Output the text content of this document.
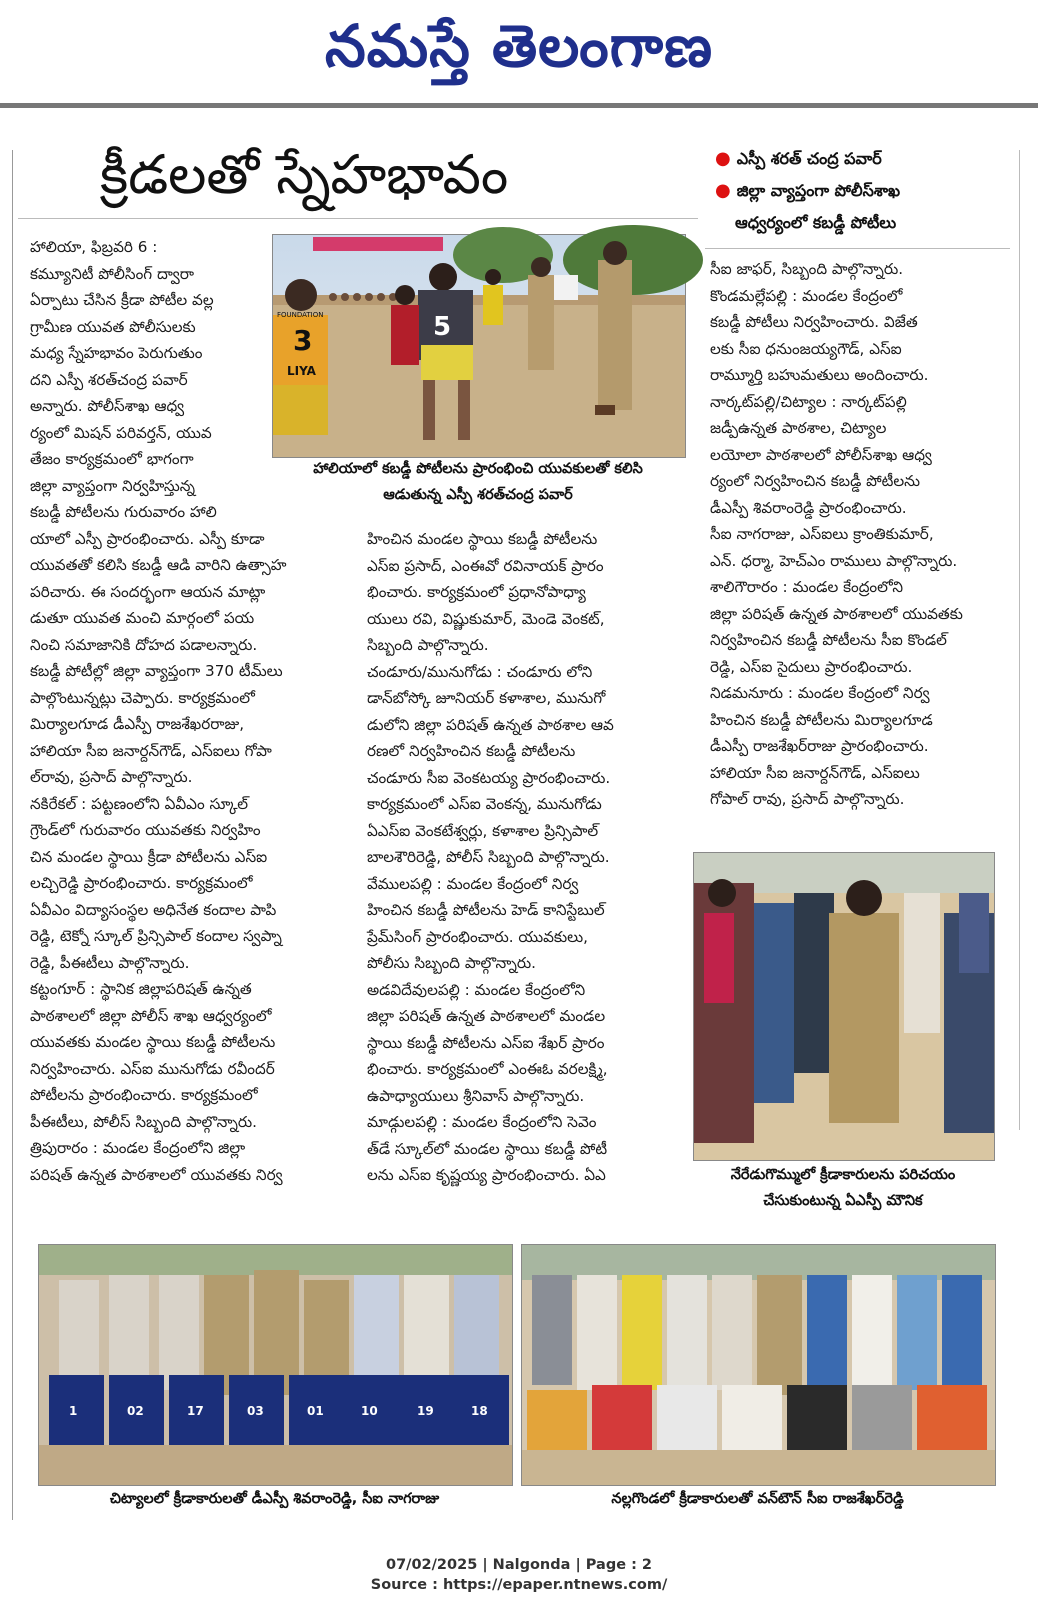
నమస్తే తెలంగాణ
క్రీడలతో స్నేహభావం	● ఎస్పీ శరత్ చంద్ర పవార్
● జిల్లా వ్యాప్తంగా పోలీస్‌శాఖ
ఆధ్వర్యంలో కబడ్డీ పోటీలు
హాలియా, ఫిబ్రవరి 6 :
కమ్యూనిటీ పోలీసింగ్ ద్వారా
ఏర్పాటు చేసిన క్రీడా పోటీల వల్ల
గ్రామీణ యువత పోలీసులకు
మధ్య స్నేహభావం పెరుగుతుం
దని ఎస్పీ శరత్‌చంద్ర పవార్
అన్నారు. పోలీస్‌శాఖ ఆధ్వ
ర్యంలో మిషన్ పరివర్తన్, యువ
తేజం కార్యక్రమంలో భాగంగా
జిల్లా వ్యాప్తంగా నిర్వహిస్తున్న
కబడ్డీ పోటీలను గురువారం హాలి
యాలో ఎస్పీ ప్రారంభించారు. ఎస్పీ కూడా
యువతతో కలిసి కబడ్డీ ఆడి వారిని ఉత్సాహ
పరిచారు. ఈ సందర్భంగా ఆయన మాట్లా
డుతూ యువత మంచి మార్గంలో పయ
నించి సమాజానికి దోహద పడాలన్నారు.
కబడ్డీ పోటీల్లో జిల్లా వ్యాప్తంగా 370 టీమ్‌లు
పాల్గొంటున్నట్లు చెప్పారు. కార్యక్రమంలో
మిర్యాలగూడ డీఎస్పీ రాజశేఖరరాజు,
హాలియా సీఐ జనార్దన్‌గౌడ్, ఎస్ఐలు గోపా
ల్‌రావు, ప్రసాద్ పాల్గొన్నారు.
నకిరేకల్ : పట్టణంలోని ఏవీఎం స్కూల్
గ్రౌండ్‌లో గురువారం యువతకు నిర్వహిం
చిన మండల స్థాయి క్రీడా పోటీలను ఎస్ఐ
లచ్చిరెడ్డి ప్రారంభించారు. కార్యక్రమంలో
ఏవీఎం విద్యాసంస్థల అధినేత కందాల పాపి
రెడ్డి, టెక్నో స్కూల్ ప్రిన్సిపాల్ కందాల స్వప్నా
రెడ్డి, పీఈటీలు పాల్గొన్నారు.
కట్టంగూర్ : స్థానిక జిల్లాపరిషత్ ఉన్నత
పాఠశాలలో జిల్లా పోలీస్ శాఖ ఆధ్వర్యంలో
యువతకు మండల స్థాయి కబడ్డీ పోటీలను
నిర్వహించారు. ఎస్ఐ మునుగోడు రవీందర్
పోటీలను ప్రారంభించారు. కార్యక్రమంలో
పీఈటీలు, పోలీస్ సిబ్బంది పాల్గొన్నారు.
త్రిపురారం : మండల కేంద్రంలోని జిల్లా
పరిషత్ ఉన్నత పాఠశాలలో యువతకు నిర్వ
3
FOUNDATION
LIYA
5
హాలియాలో కబడ్డీ పోటీలను ప్రారంభించి యువకులతో కలిసి
ఆడుతున్న ఎస్పీ శరత్‌చంద్ర పవార్
హించిన మండల స్థాయి కబడ్డీ పోటీలను
ఎస్ఐ ప్రసాద్, ఎంఈవో రవినాయక్ ప్రారం
భించారు. కార్యక్రమంలో ప్రధానోపాధ్యా
యులు రవి, విష్ణుకుమార్, మెండె వెంకట్,
సిబ్బంది పాల్గొన్నారు.
చండూరు/మునుగోడు : చండూరు లోని
డాన్‌బోస్కో జూనియర్ కళాశాల, మునుగో
డులోని జిల్లా పరిషత్ ఉన్నత పాఠశాల ఆవ
రణలో నిర్వహించిన కబడ్డీ పోటీలను
చండూరు సీఐ వెంకటయ్య ప్రారంభించారు.
కార్యక్రమంలో ఎస్ఐ వెంకన్న, మునుగోడు
ఏఎస్ఐ వెంకటేశ్వర్లు, కళాశాల ప్రిన్సిపాల్
బాలశౌరిరెడ్డి, పోలీస్ సిబ్బంది పాల్గొన్నారు.
వేములపల్లి : మండల కేంద్రంలో నిర్వ
హించిన కబడ్డీ పోటీలను హెడ్ కానిస్టేబుల్
ప్రేమ్‌సింగ్ ప్రారంభించారు. యువకులు,
పోలీసు సిబ్బంది పాల్గొన్నారు.
అడవిదేవులపల్లి : మండల కేంద్రంలోని
జిల్లా పరిషత్ ఉన్నత పాఠశాలలో మండల
స్థాయి కబడ్డీ పోటీలను ఎస్ఐ శేఖర్ ప్రారం
భించారు. కార్యక్రమంలో ఎంఈఓ వరలక్ష్మి,
ఉపాధ్యాయులు శ్రీనివాస్ పాల్గొన్నారు.
మాడ్గులపల్లి : మండల కేంద్రంలోని సెవెం
త్‌డే స్కూల్‌లో మండల స్థాయి కబడ్డీ పోటీ
లను ఎస్ఐ కృష్ణయ్య ప్రారంభించారు. ఏఎ
సీఐ జాఫర్, సిబ్బంది పాల్గొన్నారు.
కొండమల్లేపల్లి : మండల కేంద్రంలో
కబడ్డీ పోటీలు నిర్వహించారు. విజేత
లకు సీఐ ధనుంజయ్యగౌడ్, ఎస్ఐ
రామ్మూర్తి బహుమతులు అందించారు.
నార్కట్‌పల్లి/చిట్యాల : నార్కట్‌పల్లి
జడ్పీఉన్నత పాఠశాల, చిట్యాల
లయోలా పాఠశాలలో పోలీస్‌శాఖ ఆధ్వ
ర్యంలో నిర్వహించిన కబడ్డీ పోటీలను
డీఎస్పీ శివరాంరెడ్డి ప్రారంభించారు.
సీఐ నాగరాజు, ఎస్ఐలు క్రాంతికుమార్,
ఎన్. ధర్మా, హెచ్‌ఎం రాములు పాల్గొన్నారు.
శాలిగౌరారం : మండల కేంద్రంలోని
జిల్లా పరిషత్ ఉన్నత పాఠశాలలో యువతకు
నిర్వహించిన కబడ్డీ పోటీలను సీఐ కొండల్
రెడ్డి, ఎస్ఐ సైదులు ప్రారంభించారు.
నిడమనూరు : మండల కేంద్రంలో నిర్వ
హించిన కబడ్డీ పోటీలను మిర్యాలగూడ
డీఎస్పీ రాజశేఖర్‌రాజు ప్రారంభించారు.
హాలియా సీఐ జనార్దన్‌గౌడ్, ఎస్ఐలు
గోపాల్ రావు, ప్రసాద్ పాల్గొన్నారు.
నేరేడుగొమ్ములో క్రీడాకారులను పరిచయం
చేసుకుంటున్న ఏఎస్పీ మౌనిక
1	02	17	03	01	10	19	18
చిట్యాలలో క్రీడాకారులతో డీఎస్పీ శివరాంరెడ్డి, సీఐ నాగరాజు	నల్లగొండలో క్రీడాకారులతో వన్‌టౌన్ సీఐ రాజశేఖర్‌రెడ్డి
07/02/2025 | Nalgonda | Page : 2
Source : https://epaper.ntnews.com/
